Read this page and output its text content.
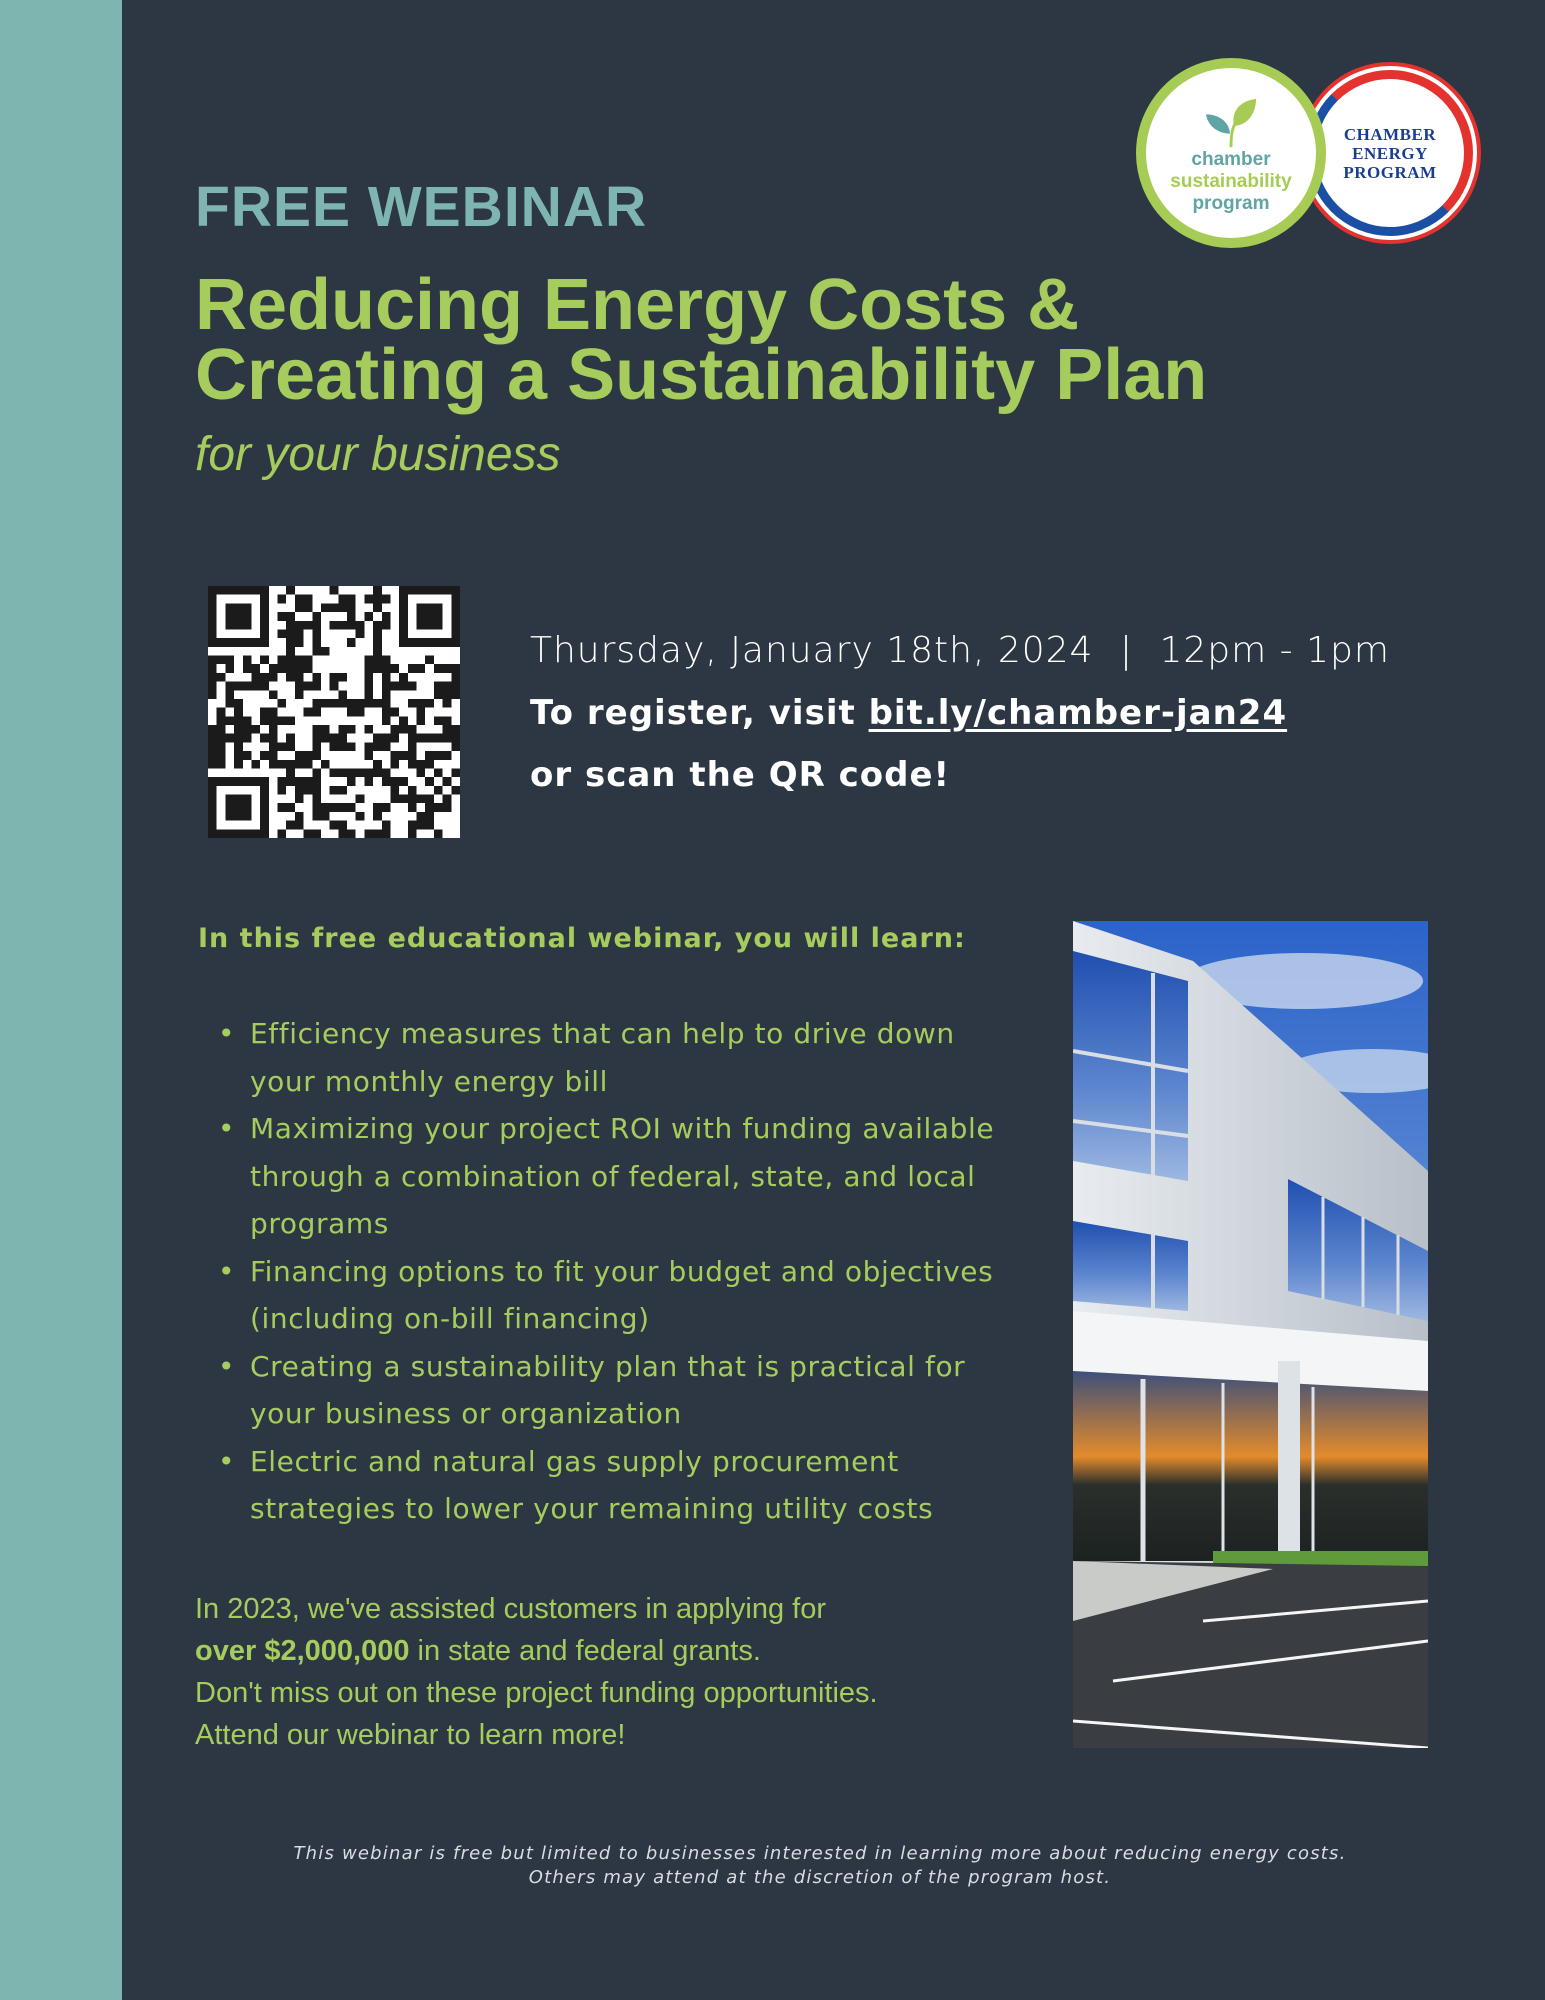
chamber
sustainability
program
CHAMBER
ENERGY
PROGRAM
FREE WEBINAR
Reducing Energy Costs & Creating a Sustainability Plan
for your business
Thursday, January 18th, 2024 | 12pm - 1pm
To register, visit bit.ly/chamber-jan24
or scan the QR code!
In this free educational webinar, you will learn:
• Efficiency measures that can help to drive down your monthly energy bill
• Maximizing your project ROI with funding available through a combination of federal, state, and local programs
• Financing options to fit your budget and objectives (including on-bill financing)
• Creating a sustainability plan that is practical for your business or organization
• Electric and natural gas supply procurement strategies to lower your remaining utility costs
In 2023, we've assisted customers in applying for
over $2,000,000 in state and federal grants.
Don't miss out on these project funding opportunities.
Attend our webinar to learn more!
This webinar is free but limited to businesses interested in learning more about reducing energy costs.
Others may attend at the discretion of the program host.
